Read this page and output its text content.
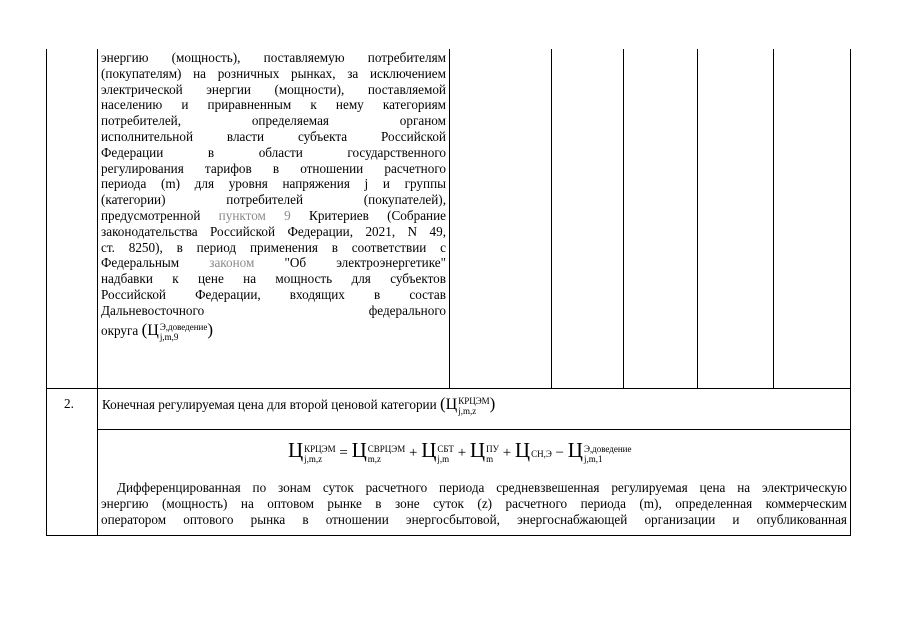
энергию (мощность), поставляемую потребителям
(покупателям) на розничных рынках, за исключением
электрической энергии (мощности), поставляемой
населению и приравненным к нему категориям
потребителей, определяемая органом
исполнительной власти субъекта Российской
Федерации в области государственного
регулирования тарифов в отношении расчетного
периода (m) для уровня напряжения j и группы
(категории) потребителей (покупателей),
предусмотренной пунктом 9 Критериев (Собрание
законодательства Российской Федерации, 2021, N 49,
ст. 8250), в период применения в соответствии с
Федеральным законом "Об электроэнергетике"
надбавки к цене на мощность для субъектов
Российской Федерации, входящих в состав
Дальневосточного федерального
округа (Ц Э,доведение
j,m,9	)
2. Конечная регулируемая цена для второй ценовой категории (Ц КРЦЭМ
j,m,z )
Ц КРЦЭМ
j,m,z	= Ц СВРЦЭМ
m,z	+ Ц СБТ
j,m + Ц ПУ
m + Ц СН,Э − Ц Э,доведение
j,m,1
Дифференцированная по зонам суток расчетного периода средневзвешенная регулируемая цена на электрическую
энергию (мощность) на оптовом рынке в зоне суток (z) расчетного периода (m), определенная коммерческим
оператором оптового рынка в отношении энергосбытовой, энергоснабжающей организации и опубликованная
